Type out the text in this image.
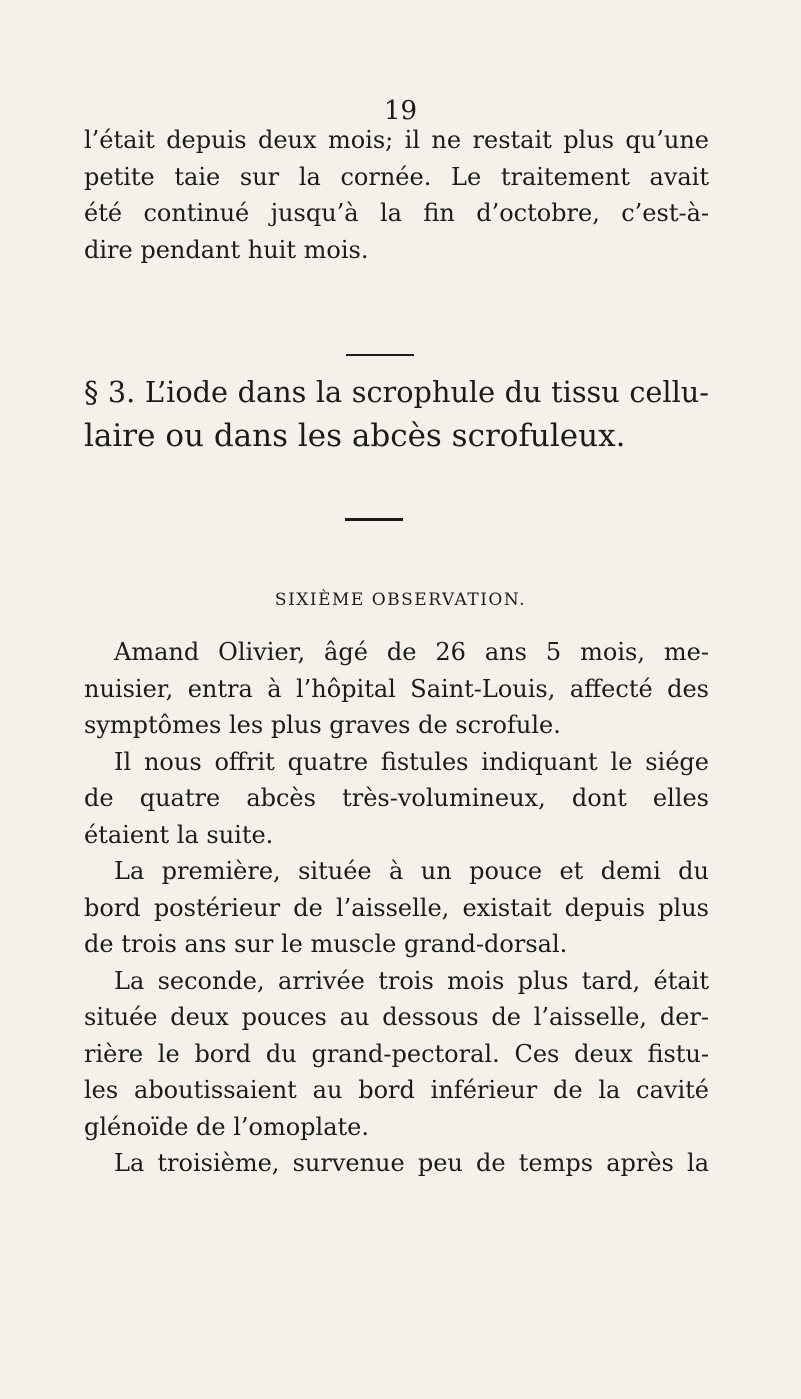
19

l’était depuis deux mois; il ne restait plus qu’une
petite taie sur la cornée. Le traitement avait
été continué jusqu’à la fin d’octobre, c’est-à-
dire pendant huit mois.

§ 3. L’iode dans la scrophule du tissu cellu-
laire ou dans les abcès scrofuleux.
SIXIÈME OBSERVATION.

Amand Olivier, âgé de 26 ans 5 mois, me-
nuisier, entra à l’hôpital Saint-Louis, affecté des
symptômes les plus graves de scrofule.

Il nous offrit quatre fistules indiquant le siége
de quatre abcès très-volumineux, dont elles
étaient la suite.

La première, située à un pouce et demi du
bord postérieur de l’aisselle, existait depuis plus
de trois ans sur le muscle grand-dorsal.

La seconde, arrivée trois mois plus tard, était
située deux pouces au dessous de l’aisselle, der-
rière le bord du grand-pectoral. Ces deux fistu-
les aboutissaient au bord inférieur de la cavité
glénoïde de l’omoplate.

La troisième, survenue peu de temps après la
